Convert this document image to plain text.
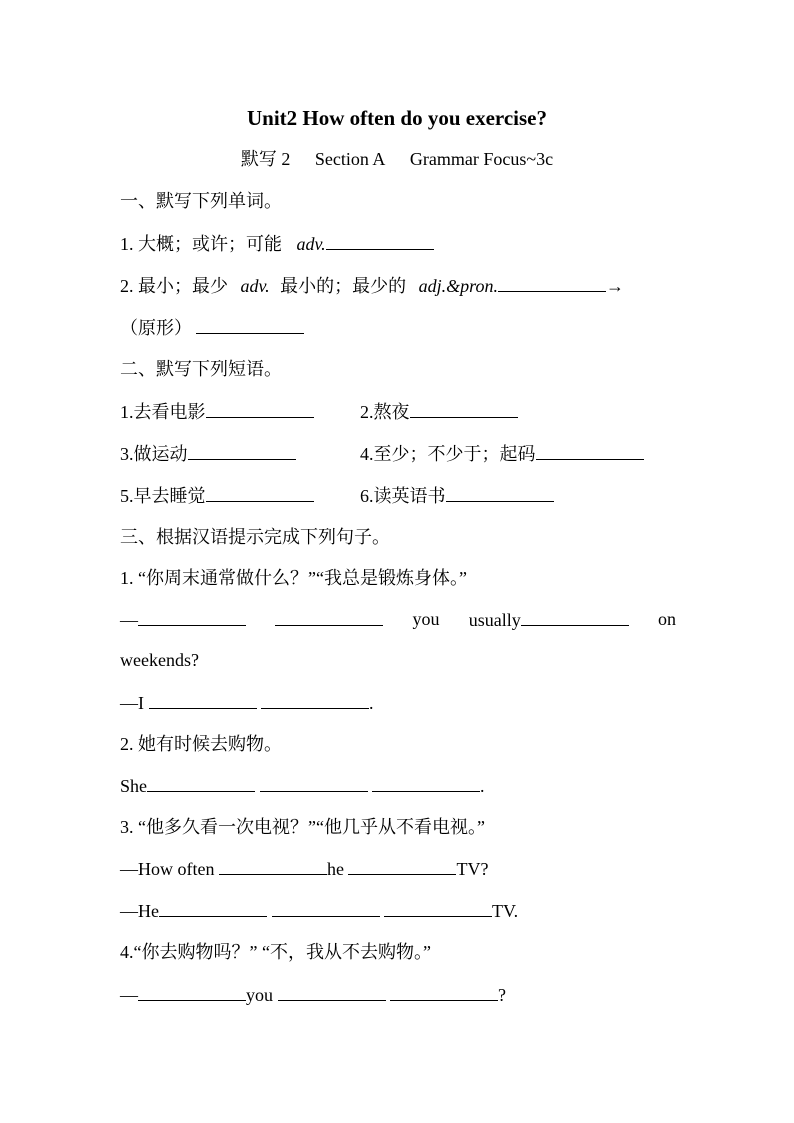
Unit2 How often do you exercise?
默写 2 Section A Grammar Focus~3c
一、默写下列单词。
1. 大概；或许；可能 adv.
2. 最小；最少 adv. 最小的；最少的 adj.&pron.	→
（原形）
二、默写下列短语。
1.去看电影	2.熬夜
3.做运动	4.至少；不少于；起码
5.早去睡觉	6.读英语书
三、根据汉语提示完成下列句子。
1. “你周末通常做什么？”“我总是锻炼身体。”
—	you usually	on
weekends?
—I	.
2. 她有时候去购物。
She	.
3. “他多久看一次电视？”“他几乎从不看电视。”
—How often	he	TV?
—He	TV.
4.“你去购物吗？” “不，我从不去购物。”
—	you	?
